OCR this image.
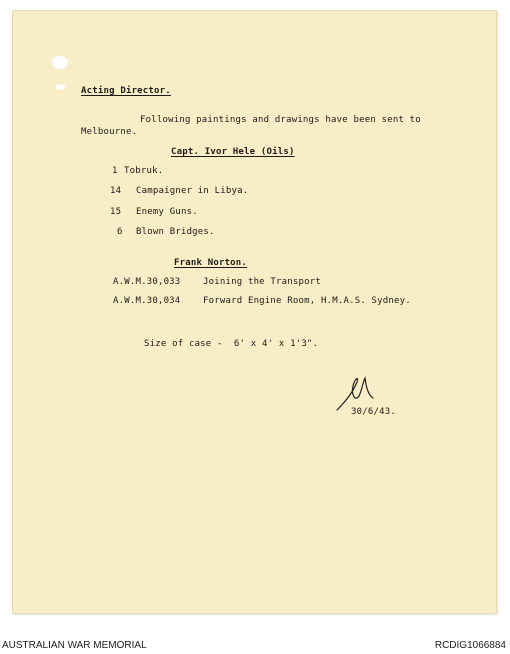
Acting Director.
Following paintings and drawings have been sent to
Melbourne.
Capt. Ivor Hele (Oils)
1 Tobruk.
14 Campaigner in Libya.
15 Enemy Guns.
6 Blown Bridges.
Frank Norton.
A.W.M.30,033	Joining the Transport
A.W.M.30,034	Forward Engine Room, H.M.A.S. Sydney.
Size of case -  6' x 4' x 1'3".
30/6/43.
AUSTRALIAN WAR MEMORIAL	RCDIG1066884
